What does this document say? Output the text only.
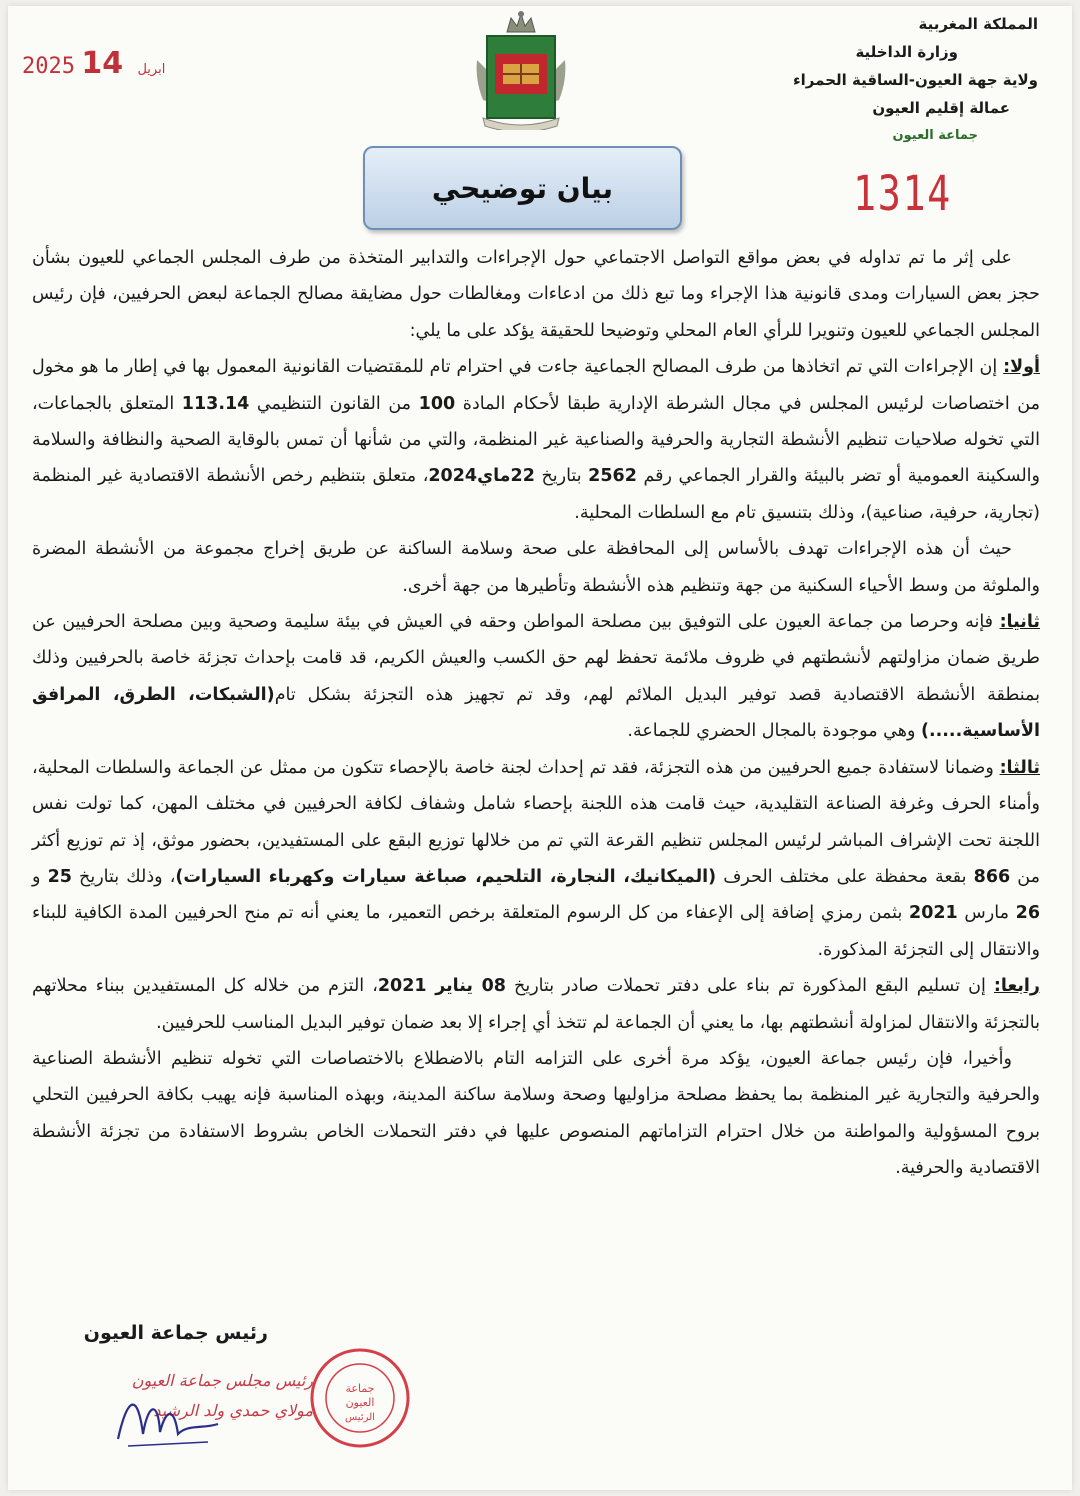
2025	ابريل 14
المملكة المغربية
وزارة الداخلية
ولاية جهة العيون-الساقية الحمراء
عمالة إقليم العيون
جماعة العيون
1314
بيان توضيحي

على إثر ما تم تداوله في بعض مواقع التواصل الاجتماعي حول الإجراءات والتدابير المتخذة من طرف المجلس الجماعي للعيون بشأن حجز بعض السيارات ومدى قانونية هذا الإجراء وما تبع ذلك من ادعاءات ومغالطات حول مضايقة مصالح الجماعة لبعض الحرفيين، فإن رئيس المجلس الجماعي للعيون وتنويرا للرأي العام المحلي وتوضيحا للحقيقة يؤكد على ما يلي:

أولا: إن الإجراءات التي تم اتخاذها من طرف المصالح الجماعية جاءت في احترام تام للمقتضيات القانونية المعمول بها في إطار ما هو مخول من اختصاصات لرئيس المجلس في مجال الشرطة الإدارية طبقا لأحكام المادة 100 من القانون التنظيمي 113.14 المتعلق بالجماعات، التي تخوله صلاحيات تنظيم الأنشطة التجارية والحرفية والصناعية غير المنظمة، والتي من شأنها أن تمس بالوقاية الصحية والنظافة والسلامة والسكينة العمومية أو تضر بالبيئة والقرار الجماعي رقم 2562 بتاريخ 22ماي2024، متعلق بتنظيم رخص الأنشطة الاقتصادية غير المنظمة (تجارية، حرفية، صناعية)، وذلك بتنسيق تام مع السلطات المحلية.

حيث أن هذه الإجراءات تهدف بالأساس إلى المحافظة على صحة وسلامة الساكنة عن طريق إخراج مجموعة من الأنشطة المضرة والملوثة من وسط الأحياء السكنية من جهة وتنظيم هذه الأنشطة وتأطيرها من جهة أخرى.

ثانيا: فإنه وحرصا من جماعة العيون على التوفيق بين مصلحة المواطن وحقه في العيش في بيئة سليمة وصحية وبين مصلحة الحرفيين عن طريق ضمان مزاولتهم لأنشطتهم في ظروف ملائمة تحفظ لهم حق الكسب والعيش الكريم، قد قامت بإحداث تجزئة خاصة بالحرفيين وذلك بمنطقة الأنشطة الاقتصادية قصد توفير البديل الملائم لهم، وقد تم تجهيز هذه التجزئة بشكل تام(الشبكات، الطرق، المرافق الأساسية.....) وهي موجودة بالمجال الحضري للجماعة.

ثالثا: وضمانا لاستفادة جميع الحرفيين من هذه التجزئة، فقد تم إحداث لجنة خاصة بالإحصاء تتكون من ممثل عن الجماعة والسلطات المحلية، وأمناء الحرف وغرفة الصناعة التقليدية، حيث قامت هذه اللجنة بإحصاء شامل وشفاف لكافة الحرفيين في مختلف المهن، كما تولت نفس اللجنة تحت الإشراف المباشر لرئيس المجلس تنظيم القرعة التي تم من خلالها توزيع البقع على المستفيدين، بحضور موثق، إذ تم توزيع أكثر من 866 بقعة محفظة على مختلف الحرف (الميكانيك، النجارة، التلحيم، صباغة سيارات وكهرباء السيارات)، وذلك بتاريخ 25 و 26 مارس 2021 بثمن رمزي إضافة إلى الإعفاء من كل الرسوم المتعلقة برخص التعمير، ما يعني أنه تم منح الحرفيين المدة الكافية للبناء والانتقال إلى التجزئة المذكورة.

رابعا: إن تسليم البقع المذكورة تم بناء على دفتر تحملات صادر بتاريخ 08 يناير 2021، التزم من خلاله كل المستفيدين ببناء محلاتهم بالتجزئة والانتقال لمزاولة أنشطتهم بها، ما يعني أن الجماعة لم تتخذ أي إجراء إلا بعد ضمان توفير البديل المناسب للحرفيين.

وأخيرا، فإن رئيس جماعة العيون، يؤكد مرة أخرى على التزامه التام بالاضطلاع بالاختصاصات التي تخوله تنظيم الأنشطة الصناعية والحرفية والتجارية غير المنظمة بما يحفظ مصلحة مزاوليها وصحة وسلامة ساكنة المدينة، وبهذه المناسبة فإنه يهيب بكافة الحرفيين التحلي بروح المسؤولية والمواطنة من خلال احترام التزاماتهم المنصوص عليها في دفتر التحملات الخاص بشروط الاستفادة من تجزئة الأنشطة الاقتصادية والحرفية.

رئيس جماعة العيون
رئيس مجلس جماعة العيون
مولاي حمدي ولد الرشيد
جماعة
العيون
الرئيس
